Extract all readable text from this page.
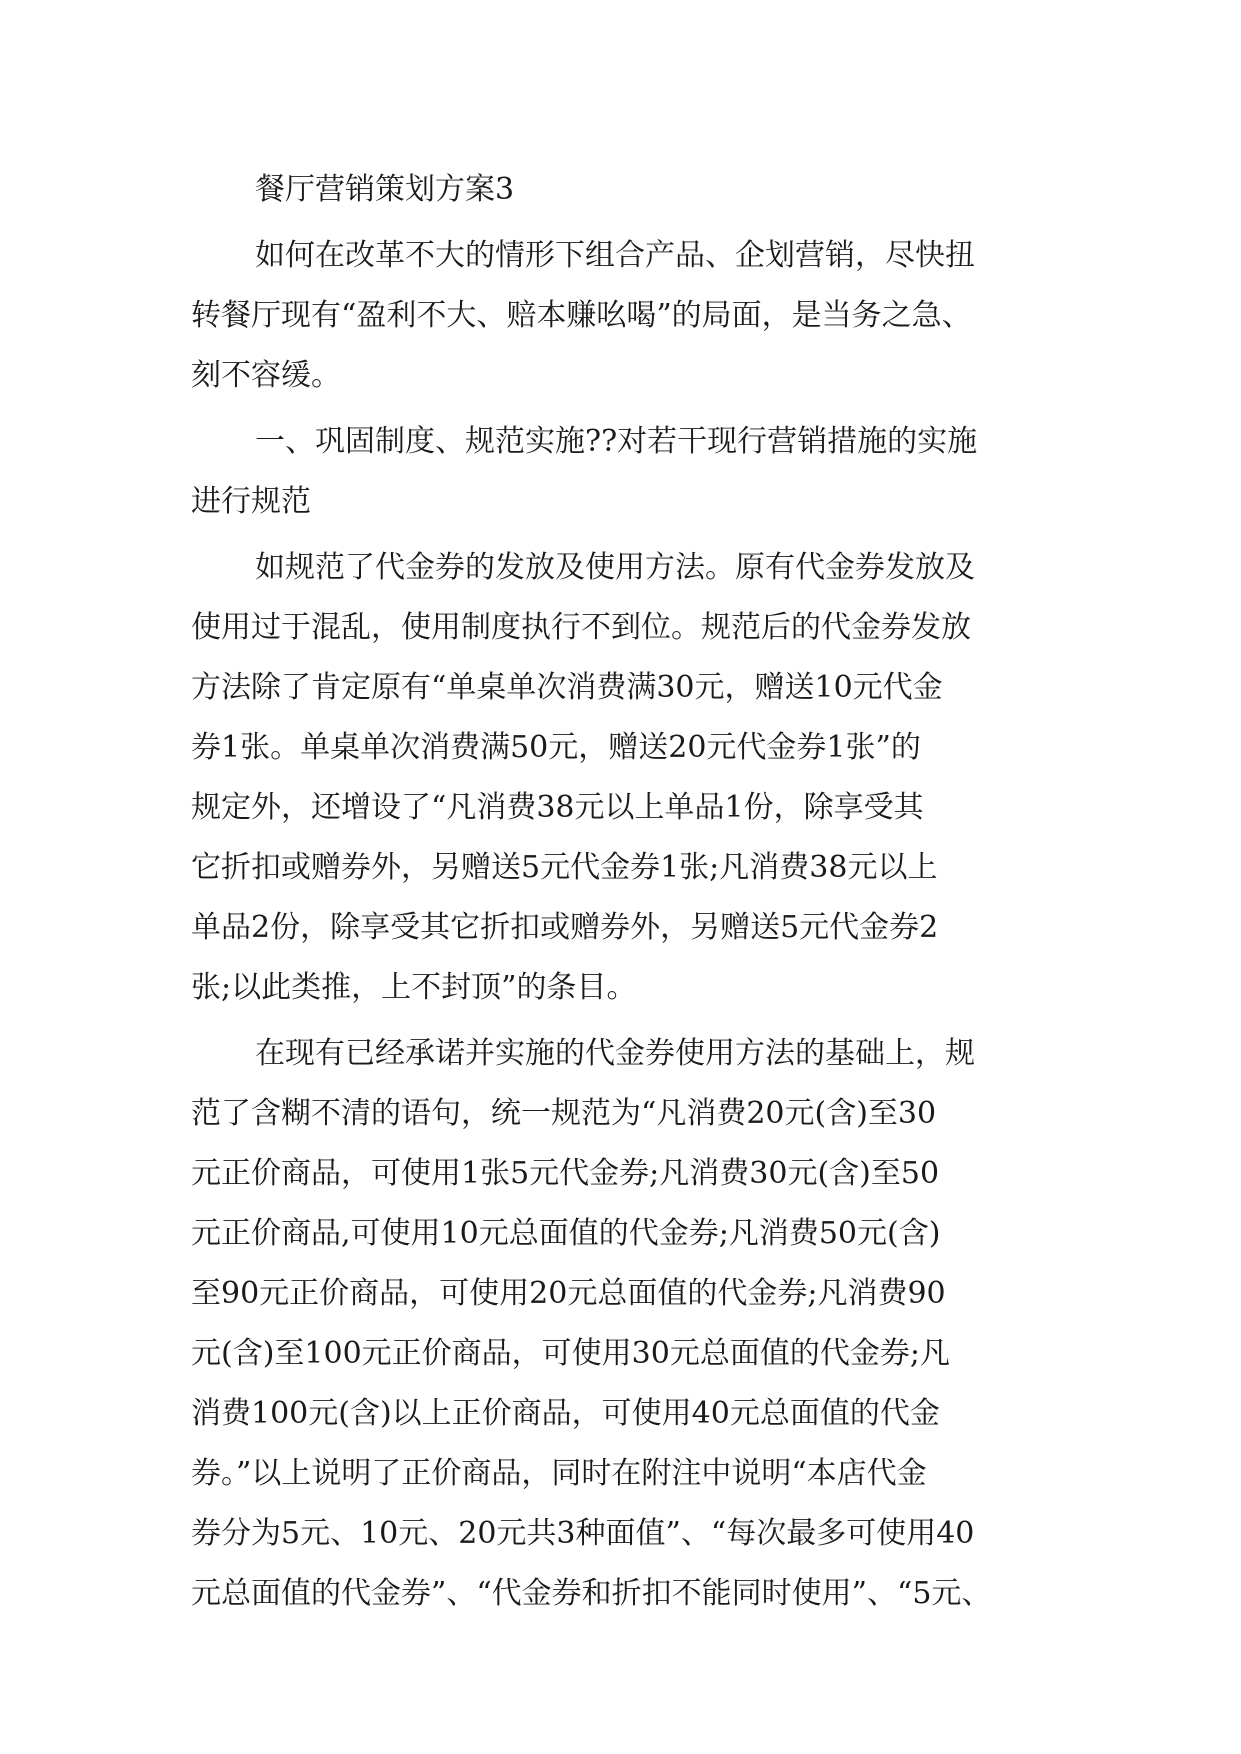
餐厅营销策划方案3
如何在改革不大的情形下组合产品、企划营销，尽快扭
转餐厅现有“盈利不大、赔本赚吆喝”的局面，是当务之急、
刻不容缓。
一、巩固制度、规范实施??对若干现行营销措施的实施
进行规范
如规范了代金券的发放及使用方法。原有代金券发放及
使用过于混乱，使用制度执行不到位。规范后的代金券发放
方法除了肯定原有“单桌单次消费满30元，赠送10元代金
券1张。单桌单次消费满50元，赠送20元代金券1张”的
规定外，还增设了“凡消费38元以上单品1份，除享受其
它折扣或赠券外，另赠送5元代金券1张;凡消费38元以上
单品2份，除享受其它折扣或赠券外，另赠送5元代金券2
张;以此类推，上不封顶”的条目。
在现有已经承诺并实施的代金券使用方法的基础上，规
范了含糊不清的语句，统一规范为“凡消费20元(含)至30
元正价商品，可使用1张5元代金券;凡消费30元(含)至50
元正价商品,可使用10元总面值的代金券;凡消费50元(含)
至90元正价商品，可使用20元总面值的代金券;凡消费90
元(含)至100元正价商品，可使用30元总面值的代金券;凡
消费100元(含)以上正价商品，可使用40元总面值的代金
券。”以上说明了正价商品，同时在附注中说明“本店代金
券分为5元、10元、20元共3种面值”、“每次最多可使用40
元总面值的代金券”、“代金券和折扣不能同时使用”、“5元、
